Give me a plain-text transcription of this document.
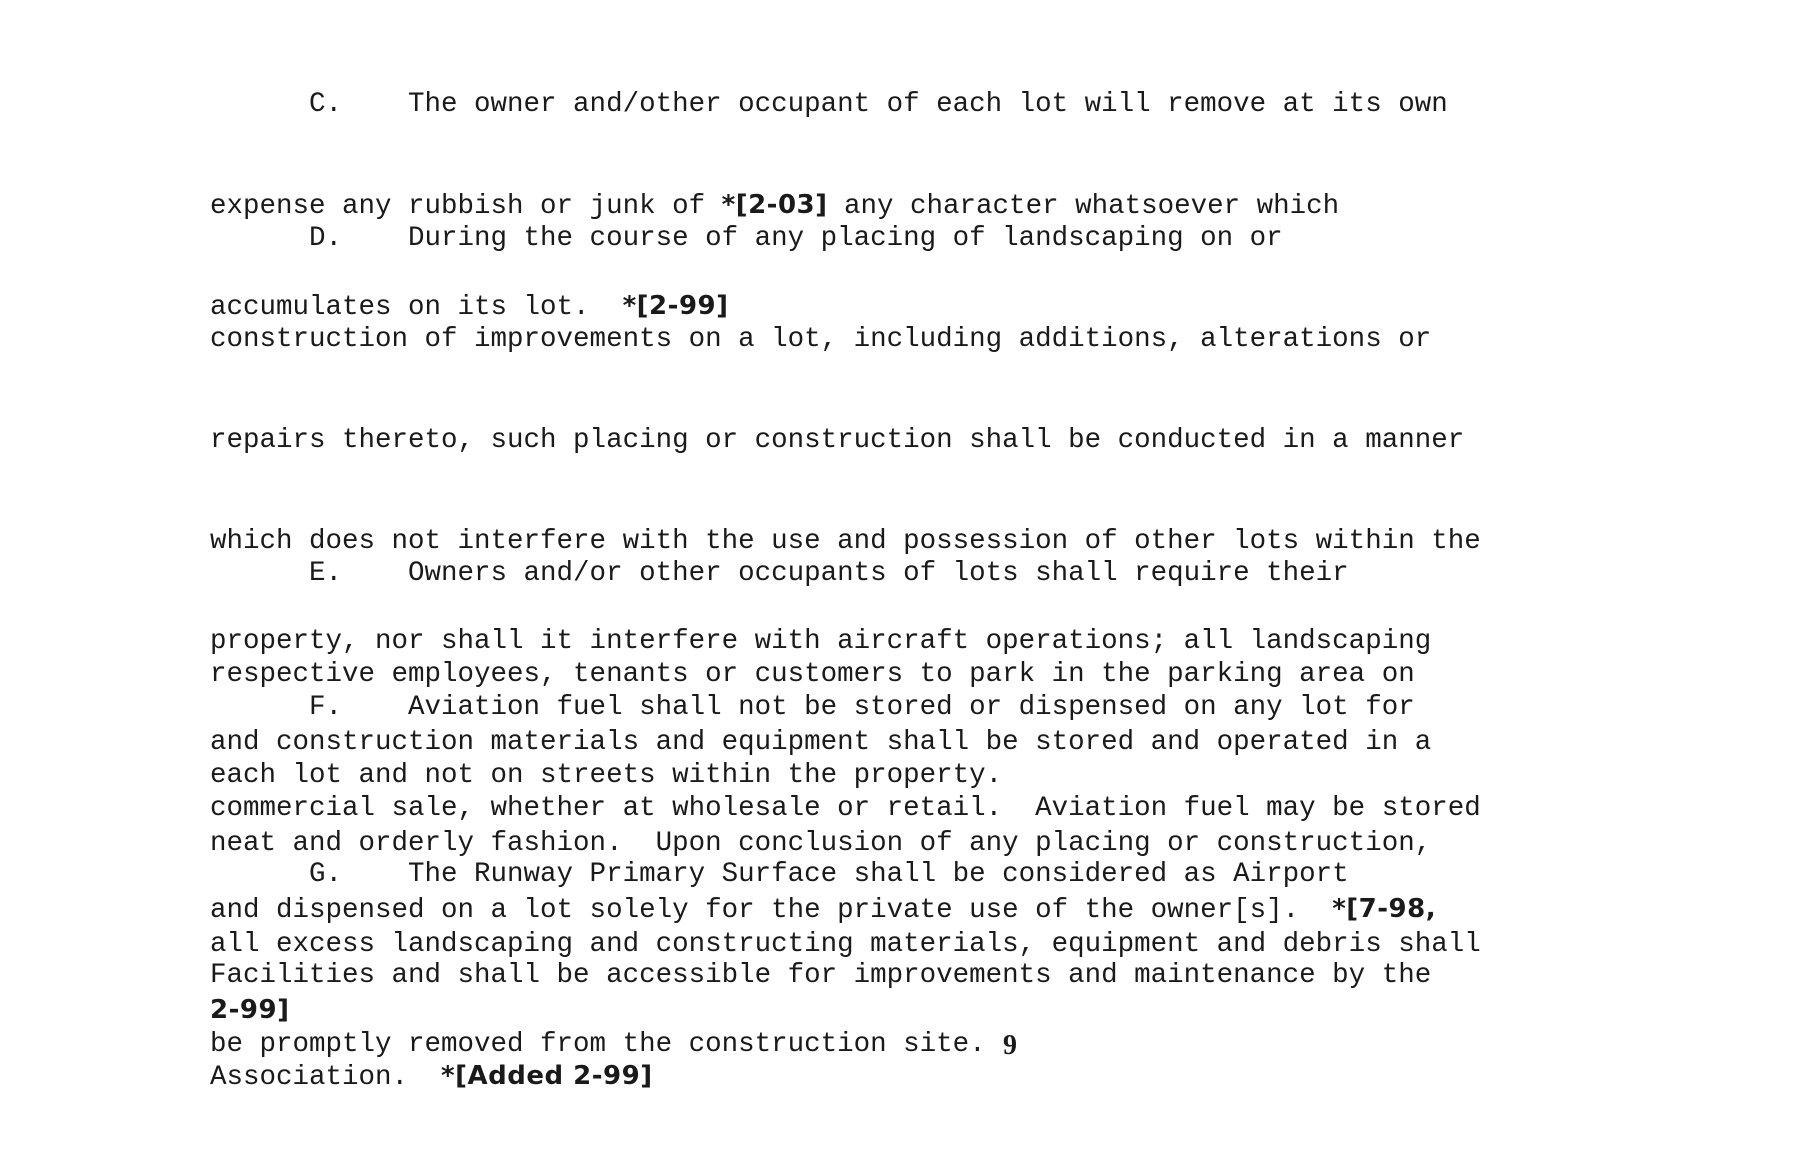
C.    The owner and/other occupant of each lot will remove at its own

expense any rubbish or junk of *[2-03] any character whatsoever which

accumulates on its lot.  *[2-99]

D.    During the course of any placing of landscaping on or

construction of improvements on a lot, including additions, alterations or

repairs thereto, such placing or construction shall be conducted in a manner

which does not interfere with the use and possession of other lots within the

property, nor shall it interfere with aircraft operations; all landscaping

and construction materials and equipment shall be stored and operated in a

neat and orderly fashion.  Upon conclusion of any placing or construction,

all excess landscaping and constructing materials, equipment and debris shall

be promptly removed from the construction site.

E.    Owners and/or other occupants of lots shall require their

respective employees, tenants or customers to park in the parking area on

each lot and not on streets within the property.

F.    Aviation fuel shall not be stored or dispensed on any lot for

commercial sale, whether at wholesale or retail.  Aviation fuel may be stored

and dispensed on a lot solely for the private use of the owner[s].  *[7-98,

2-99]

G.    The Runway Primary Surface shall be considered as Airport

Facilities and shall be accessible for improvements and maintenance by the

Association.  *[Added 2-99]

9
